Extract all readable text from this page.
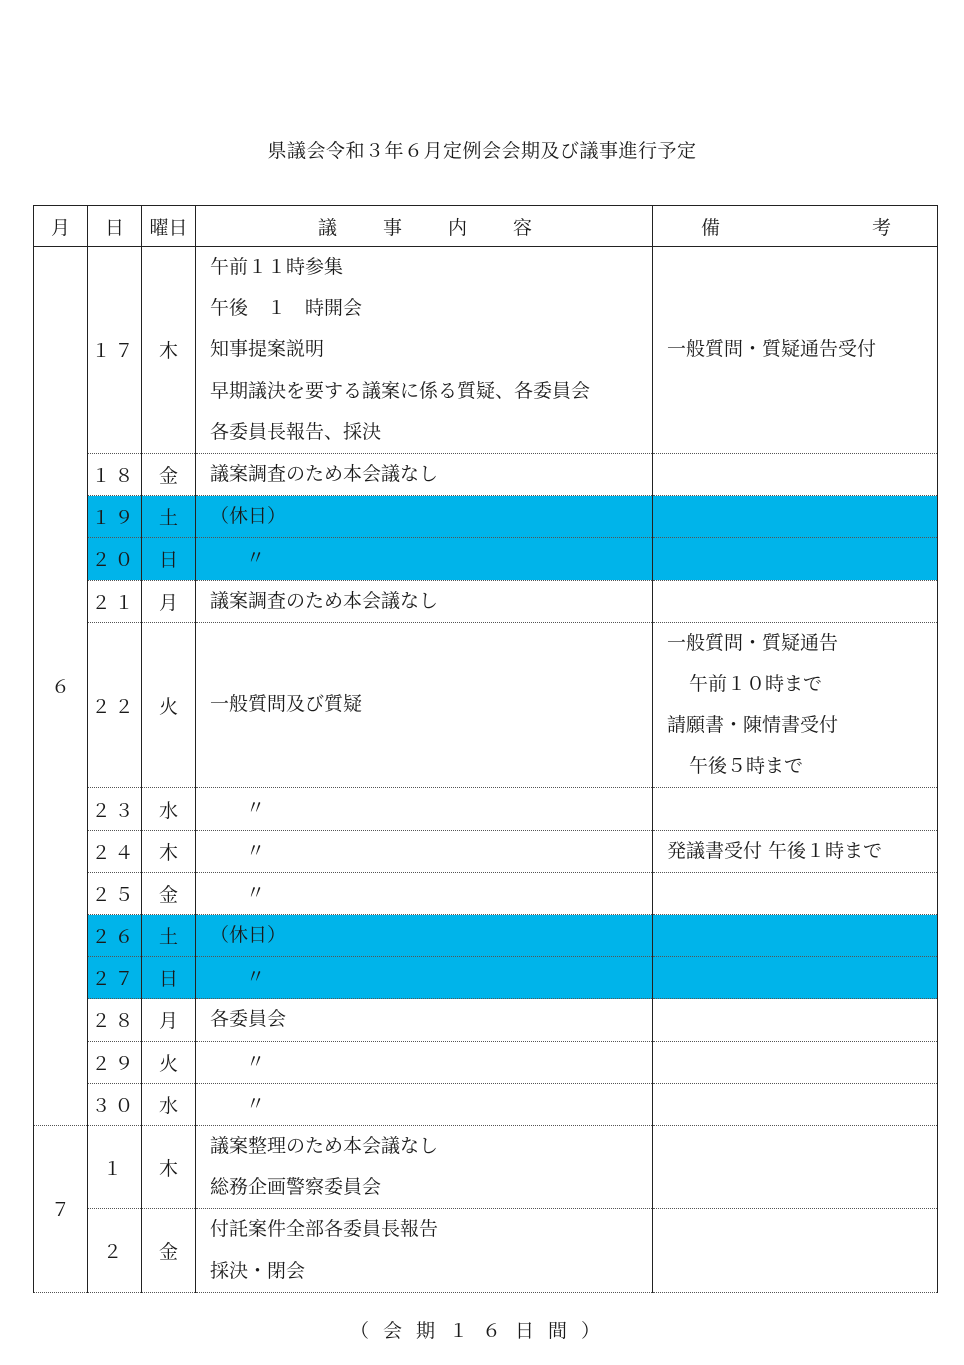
県議会令和３年６月定例会会期及び議事進行予定
月	日	曜日	議 事 内 容	備 考

６	１７	木	午前１１時参集
午後　１　時開会
知事提案説明
早期議決を要する議案に係る質疑、各委員会
各委員長報告、採決	一般質問・質疑通告受付

	１８	金	議案調査のため本会議なし	

	１９	土	（休日）	

	２０	日	〃	

	２１	月	議案調査のため本会議なし	

	２２	火	一般質問及び質疑	一般質問・質疑通告
午前１０時まで
請願書・陳情書受付
午後５時まで

	２３	水	〃	

	２４	木	〃	発議書受付 午後１時まで

	２５	金	〃	

	２６	土	（休日）	

	２７	日	〃	

	２８	月	各委員会	

	２９	火	〃	

	３０	水	〃	

７	１	木	議案整理のため本会議なし
総務企画警察委員会	

	２	金	付託案件全部各委員長報告
採決・閉会	

（会期１６日間）
